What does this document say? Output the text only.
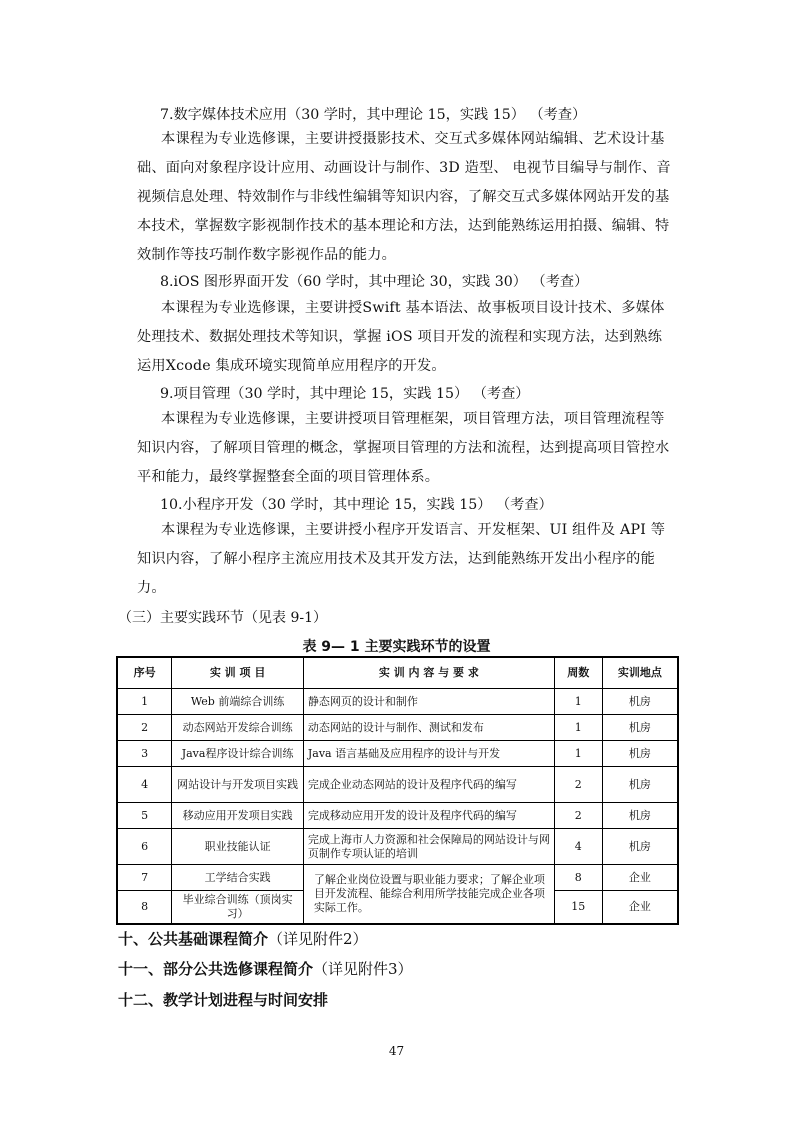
7.数字媒体技术应用（30 学时，其中理论 15，实践 15） （考查）

本课程为专业选修课，主要讲授摄影技术、交互式多媒体网站编辑、艺术设计基础、面向对象程序设计应用、动画设计与制作、3D 造型、 电视节目编导与制作、音视频信息处理、特效制作与非线性编辑等知识内容，了解交互式多媒体网站开发的基本技术，掌握数字影视制作技术的基本理论和方法，达到能熟练运用拍摄、编辑、特效制作等技巧制作数字影视作品的能力。

8.iOS 图形界面开发（60 学时，其中理论 30，实践 30） （考查）

本课程为专业选修课，主要讲授Swift 基本语法、故事板项目设计技术、多媒体处理技术、数据处理技术等知识，掌握 iOS 项目开发的流程和实现方法，达到熟练运用Xcode 集成环境实现简单应用程序的开发。

9.项目管理（30 学时，其中理论 15，实践 15） （考查）

本课程为专业选修课，主要讲授项目管理框架，项目管理方法，项目管理流程等知识内容，了解项目管理的概念，掌握项目管理的方法和流程，达到提高项目管控水平和能力，最终掌握整套全面的项目管理体系。

10.小程序开发（30 学时，其中理论 15，实践 15） （考查）

本课程为专业选修课，主要讲授小程序开发语言、开发框架、UI 组件及 API 等知识内容，了解小程序主流应用技术及其开发方法，达到能熟练开发出小程序的能力。

（三）主要实践环节（见表 9-1）

表 9— 1 主要实践环节的设置

序号	实 训 项 目	实 训 内 容 与 要 求	周数	实训地点
1	Web 前端综合训练	静态网页的设计和制作	1	机房
2	动态网站开发综合训练	动态网站的设计与制作、测试和发布	1	机房
3	Java程序设计综合训练	Java 语言基础及应用程序的设计与开发	1	机房
4	网站设计与开发项目实践	完成企业动态网站的设计及程序代码的编写	2	机房
5	移动应用开发项目实践	完成移动应用开发的设计及程序代码的编写	2	机房
6	职业技能认证	完成上海市人力资源和社会保障局的网站设计与网页制作专项认证的培训	4	机房
7	工学结合实践	了解企业岗位设置与职业能力要求；了解企业项目开发流程、能综合利用所学技能完成企业各项实际工作。	8	企业
8	毕业综合训练（顶岗实习）		15	企业

十、公共基础课程简介（详见附件2）

十一、部分公共选修课程简介（详见附件3）

十二、教学计划进程与时间安排

47
